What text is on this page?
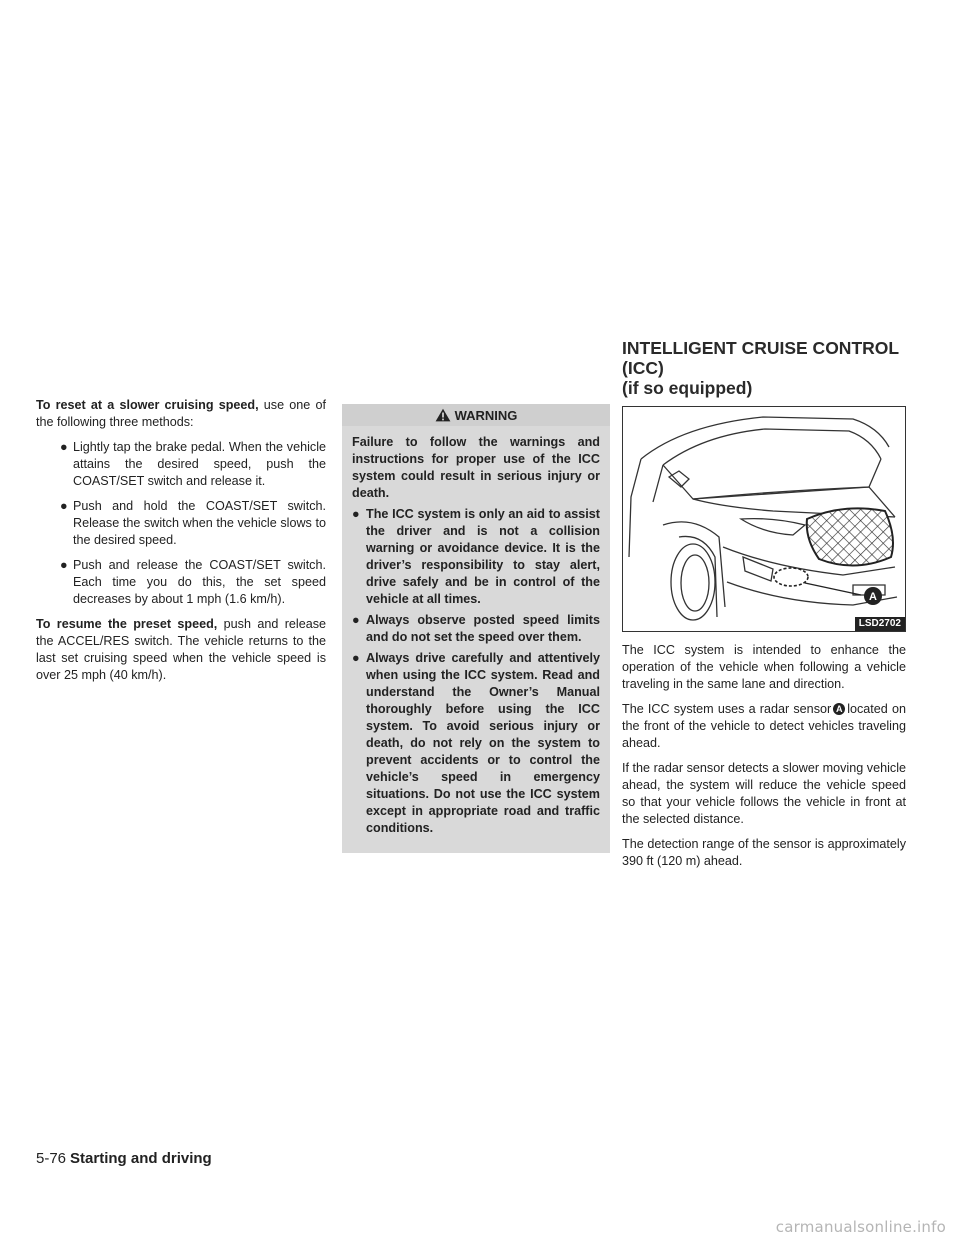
INTELLIGENT CRUISE CONTROL (ICC)
(if so equipped)

To reset at a slower cruising speed, use one of the following three methods:

● Lightly tap the brake pedal. When the vehicle attains the desired speed, push the COAST/SET switch and release it.
● Push and hold the COAST/SET switch. Release the switch when the vehicle slows to the desired speed.
● Push and release the COAST/SET switch. Each time you do this, the set speed decreases by about 1 mph (1.6 km/h).

To resume the preset speed, push and release the ACCEL/RES switch. The vehicle returns to the last set cruising speed when the vehicle speed is over 25 mph (40 km/h).

WARNING

Failure to follow the warnings and instructions for proper use of the ICC system could result in serious injury or death.

● The ICC system is only an aid to assist the driver and is not a collision warning or avoidance device. It is the driver’s responsibility to stay alert, drive safely and be in control of the vehicle at all times.
● Always observe posted speed limits and do not set the speed over them.
● Always drive carefully and attentively when using the ICC system. Read and understand the Owner’s Manual thoroughly before using the ICC system. To avoid serious injury or death, do not rely on the system to prevent accidents or to control the vehicle’s speed in emergency situations. Do not use the ICC system except in appropriate road and traffic conditions.
A
LSD2702

The ICC system is intended to enhance the operation of the vehicle when following a vehicle traveling in the same lane and direction.

The ICC system uses a radar sensor A located on the front of the vehicle to detect vehicles traveling ahead.

If the radar sensor detects a slower moving vehicle ahead, the system will reduce the vehicle speed so that your vehicle follows the vehicle in front at the selected distance.

The detection range of the sensor is approximately 390 ft (120 m) ahead.

5-76 Starting and driving
carmanualsonline.info
